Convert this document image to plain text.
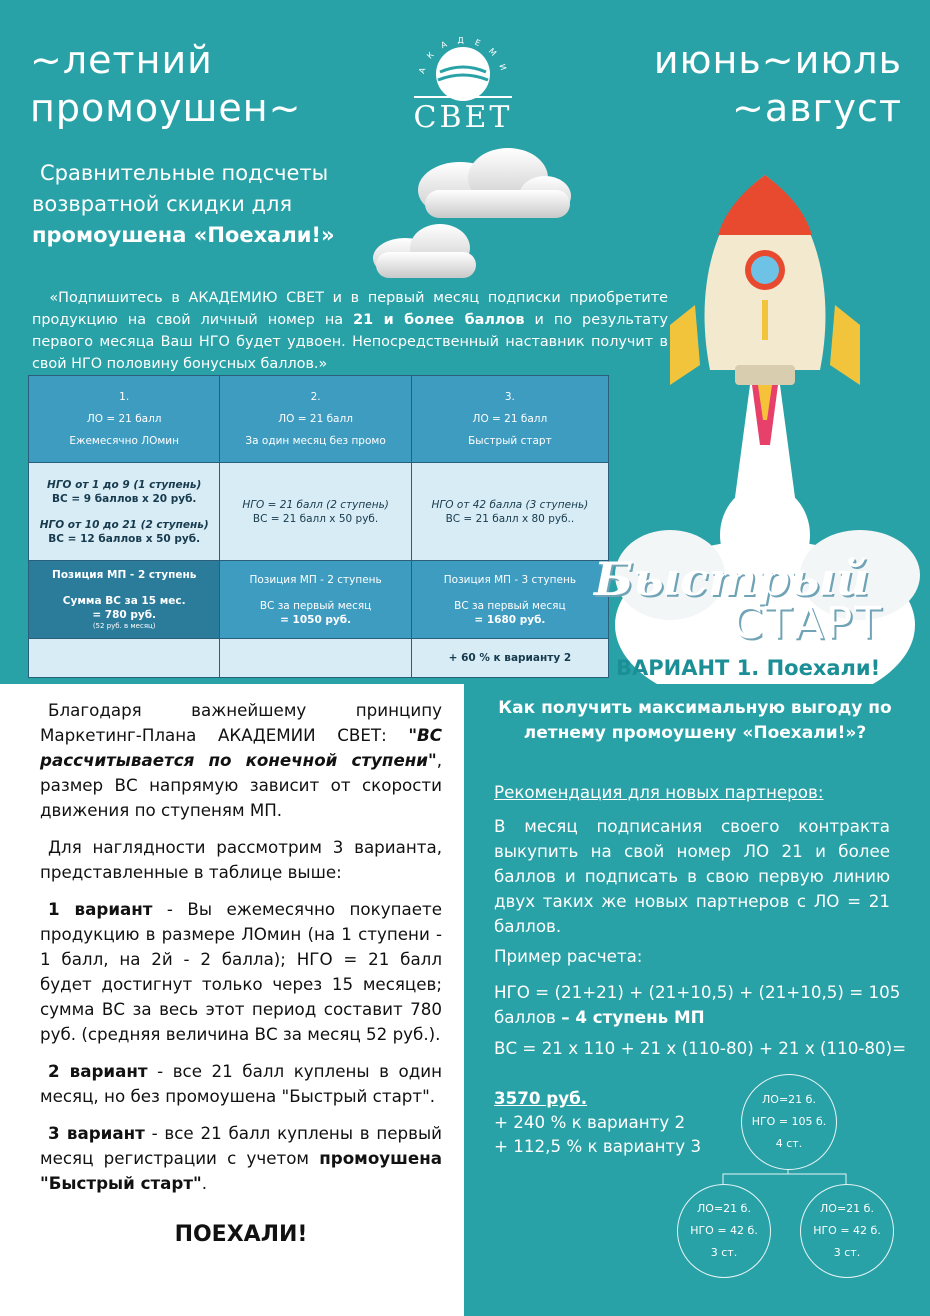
~летний
промоушен~
июнь~июль
~август
А К А Д Е М И
СВЕТ
Сравнительные подсчеты
возвратной скидки для
промоушена «Поехали!»
«Подпишитесь в АКАДЕМИЮ СВЕТ и в первый месяц подписки приобретите продукцию на свой личный номер на 21 и более баллов и по результату первого месяца Ваш НГО будет удвоен. Непосредственный наставник получит в свой НГО половину бонусных баллов.»
1.
ЛО = 21 балл
Ежемесячно ЛОмин	2.
ЛО = 21 балл
За один месяц без промо	3.
ЛО = 21 балл
Быстрый старт

НГО от 1 до 9 (1 ступень)
ВС = 9 баллов х 20 руб.
НГО от 10 до 21 (2 ступень)
ВС = 12 баллов х 50 руб.	НГО = 21 балл (2 ступень)
ВС = 21 балл х 50 руб.	НГО от 42 балла (3 ступень)
ВС = 21 балл х 80 руб..

Позиция МП - 2 ступень
Сумма ВС за 15 мес.
= 780 руб.
(52 руб. в месяц)	Позиция МП - 2 ступень
ВС за первый месяц
= 1050 руб.	Позиция МП - 3 ступень
ВС за первый месяц
= 1680 руб.

		+ 60 % к варианту 2
Быстрый
СТАРТ
ВАРИАНТ 1. Поехали!

Благодаря важнейшему принципу Маркетинг-Плана АКАДЕМИИ СВЕТ: "ВС рассчитывается по конечной ступени", размер ВС напрямую зависит от скорости движения по ступеням МП.

Для наглядности рассмотрим 3 варианта, представленные в таблице выше:

1 вариант - Вы ежемесячно покупаете продукцию в размере ЛОмин (на 1 ступени - 1 балл, на 2й - 2 балла); НГО = 21 балл будет достигнут только через 15 месяцев; сумма ВС за весь этот период составит 780 руб. (средняя величина ВС за месяц 52 руб.).

2 вариант - все 21 балл куплены в один месяц, но без промоушена "Быстрый старт".

3 вариант - все 21 балл куплены в первый месяц регистрации с учетом промоушена "Быстрый старт".

ПОЕХАЛИ!

Как получить максимальную выгоду по летнему промоушену «Поехали!»?
Рекомендация для новых партнеров:
В месяц подписания своего контракта выкупить на свой номер ЛО 21 и более баллов и подписать в свою первую линию двух таких же новых партнеров с ЛО = 21 баллов.
Пример расчета:
НГО = (21+21) + (21+10,5) + (21+10,5) = 105 баллов – 4 ступень МП
ВС = 21 х 110 + 21 х (110-80) + 21 х (110-80)=
3570 руб.
+ 240 % к варианту 2
+ 112,5 % к варианту 3
ЛО=21 б.
НГО = 105 б.
4 ст.
ЛО=21 б.
НГО = 42 б.
3 ст.
ЛО=21 б.
НГО = 42 б.
3 ст.
